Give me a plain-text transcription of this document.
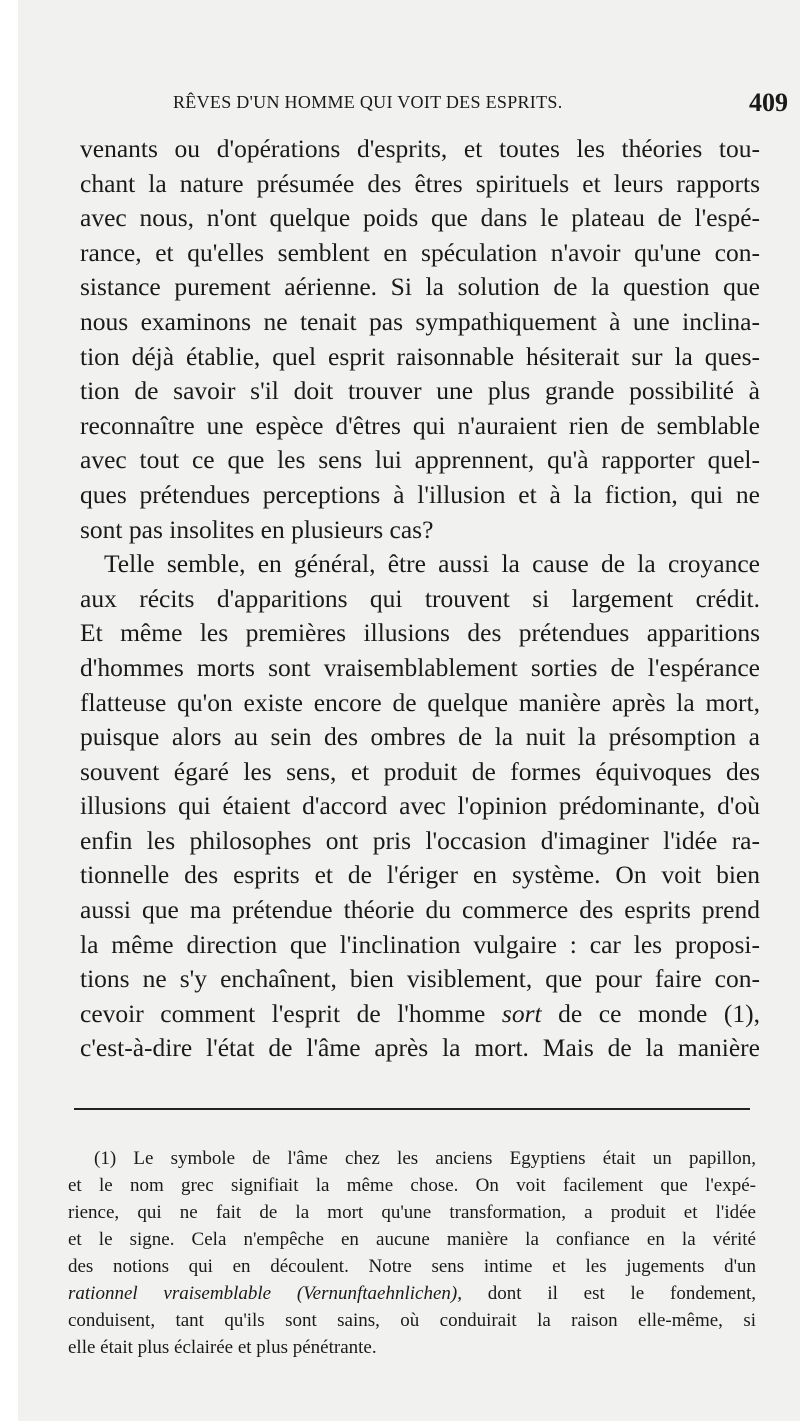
RÊVES D'UN HOMME QUI VOIT DES ESPRITS.	409
venants ou d'opérations d'esprits, et toutes les théories tou-
chant la nature présumée des êtres spirituels et leurs rapports
avec nous, n'ont quelque poids que dans le plateau de l'espé-
rance, et qu'elles semblent en spéculation n'avoir qu'une con-
sistance purement aérienne. Si la solution de la question que
nous examinons ne tenait pas sympathiquement à une inclina-
tion déjà établie, quel esprit raisonnable hésiterait sur la ques-
tion de savoir s'il doit trouver une plus grande possibilité à
reconnaître une espèce d'êtres qui n'auraient rien de semblable
avec tout ce que les sens lui apprennent, qu'à rapporter quel-
ques prétendues perceptions à l'illusion et à la fiction, qui ne
sont pas insolites en plusieurs cas?
Telle semble, en général, être aussi la cause de la croyance
aux récits d'apparitions qui trouvent si largement crédit.
Et même les premières illusions des prétendues apparitions
d'hommes morts sont vraisemblablement sorties de l'espérance
flatteuse qu'on existe encore de quelque manière après la mort,
puisque alors au sein des ombres de la nuit la présomption a
souvent égaré les sens, et produit de formes équivoques des
illusions qui étaient d'accord avec l'opinion prédominante, d'où
enfin les philosophes ont pris l'occasion d'imaginer l'idée ra-
tionnelle des esprits et de l'ériger en système. On voit bien
aussi que ma prétendue théorie du commerce des esprits prend
la même direction que l'inclination vulgaire : car les proposi-
tions ne s'y enchaînent, bien visiblement, que pour faire con-
cevoir comment l'esprit de l'homme sort de ce monde (1),
c'est-à-dire l'état de l'âme après la mort. Mais de la manière
(1) Le symbole de l'âme chez les anciens Egyptiens était un papillon,
et le nom grec signifiait la même chose. On voit facilement que l'expé-
rience, qui ne fait de la mort qu'une transformation, a produit et l'idée
et le signe. Cela n'empêche en aucune manière la confiance en la vérité
des notions qui en découlent. Notre sens intime et les jugements d'un
rationnel vraisemblable (Vernunftaehnlichen), dont il est le fondement,
conduisent, tant qu'ils sont sains, où conduirait la raison elle-même, si
elle était plus éclairée et plus pénétrante.
